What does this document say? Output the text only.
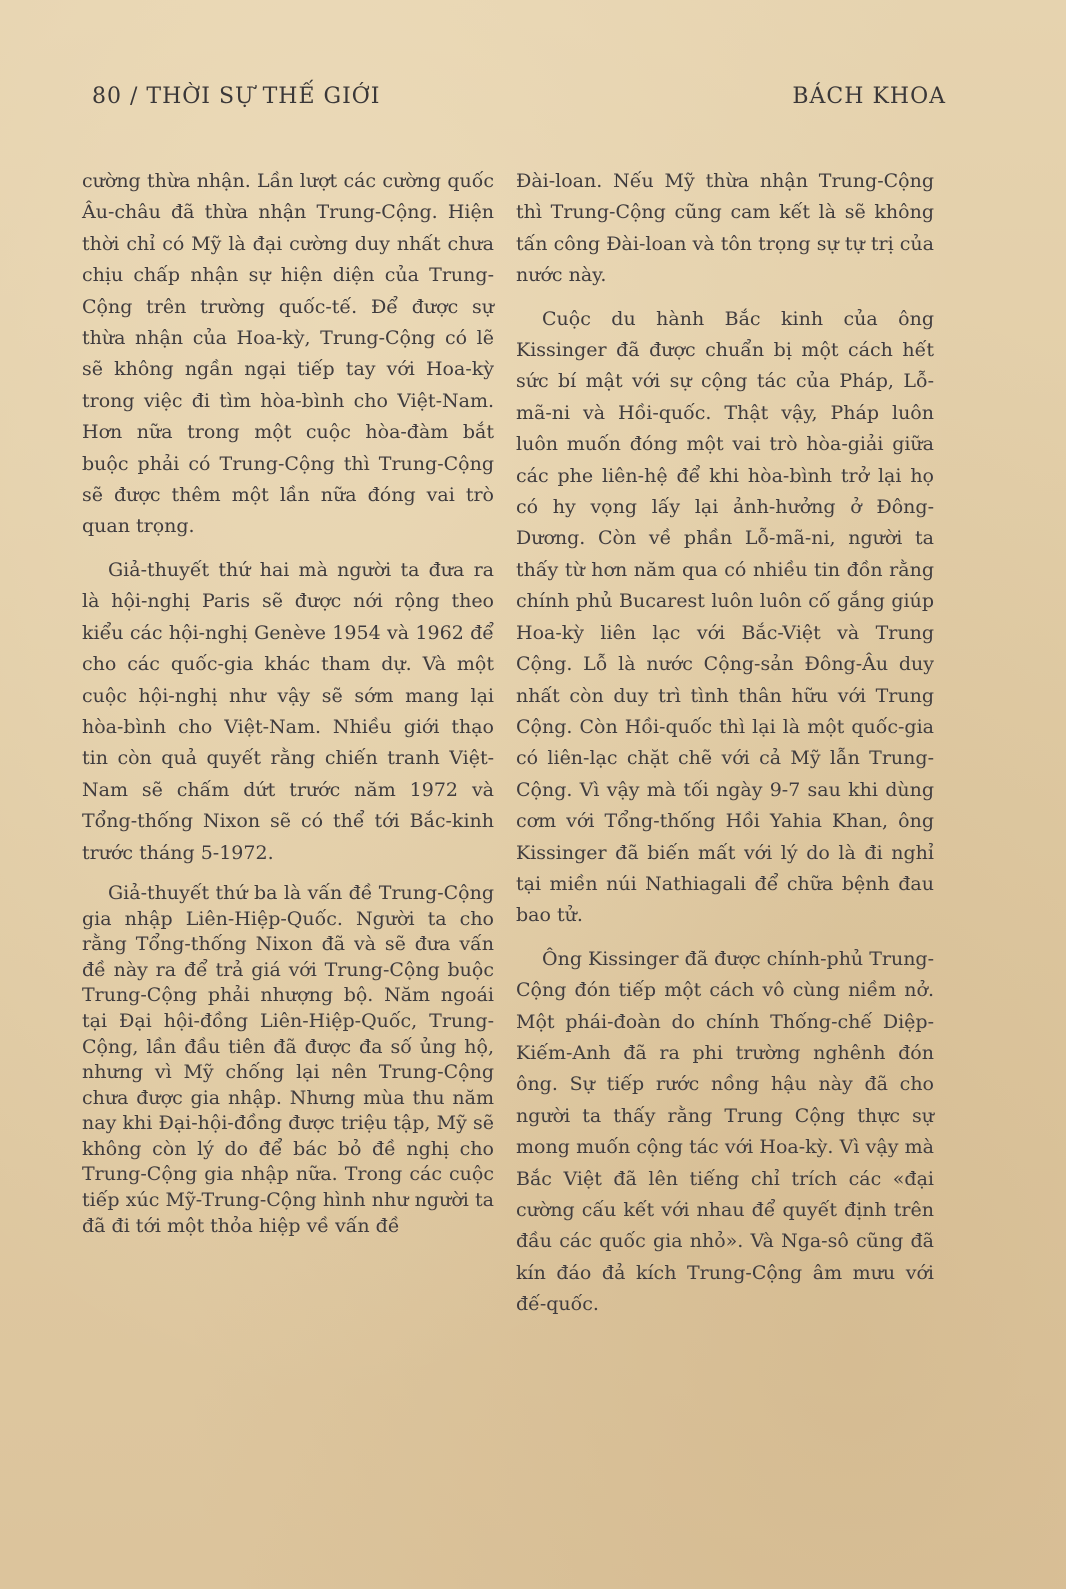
80 / THỜI SỰ THẾ GIỚI	BÁCH KHOA

cường thừa nhận. Lần lượt các cường quốc Âu-châu đã thừa nhận Trung-Cộng. Hiện thời chỉ có Mỹ là đại cường duy nhất chưa chịu chấp nhận sự hiện diện của Trung-Cộng trên trường quốc-tế. Để được sự thừa nhận của Hoa-kỳ, Trung-Cộng có lẽ sẽ không ngần ngại tiếp tay với Hoa-kỳ trong việc đi tìm hòa-bình cho Việt-Nam. Hơn nữa trong một cuộc hòa-đàm bắt buộc phải có Trung-Cộng thì Trung-Cộng sẽ được thêm một lần nữa đóng vai trò quan trọng.

Giả-thuyết thứ hai mà người ta đưa ra là hội-nghị Paris sẽ được nới rộng theo kiểu các hội-nghị Genève 1954 và 1962 để cho các quốc-gia khác tham dự. Và một cuộc hội-nghị như vậy sẽ sớm mang lại hòa-bình cho Việt-Nam. Nhiều giới thạo tin còn quả quyết rằng chiến tranh Việt-Nam sẽ chấm dứt trước năm 1972 và Tổng-thống Nixon sẽ có thể tới Bắc-kinh trước tháng 5-1972.

Giả-thuyết thứ ba là vấn đề Trung-Cộng gia nhập Liên-Hiệp-Quốc. Người ta cho rằng Tổng-thống Nixon đã và sẽ đưa vấn đề này ra để trả giá với Trung-Cộng buộc Trung-Cộng phải nhượng bộ. Năm ngoái tại Đại hội-đồng Liên-Hiệp-Quốc, Trung-Cộng, lần đầu tiên đã được đa số ủng hộ, nhưng vì Mỹ chống lại nên Trung-Cộng chưa được gia nhập. Nhưng mùa thu năm nay khi Đại-hội-đồng được triệu tập, Mỹ sẽ không còn lý do để bác bỏ đề nghị cho Trung-Cộng gia nhập nữa. Trong các cuộc tiếp xúc Mỹ-Trung-Cộng hình như người ta đã đi tới một thỏa hiệp về vấn đề

Đài-loan. Nếu Mỹ thừa nhận Trung-Cộng thì Trung-Cộng cũng cam kết là sẽ không tấn công Đài-loan và tôn trọng sự tự trị của nước này.

Cuộc du hành Bắc kinh của ông Kissinger đã được chuẩn bị một cách hết sức bí mật với sự cộng tác của Pháp, Lỗ-mã-ni và Hồi-quốc. Thật vậy, Pháp luôn luôn muốn đóng một vai trò hòa-giải giữa các phe liên-hệ để khi hòa-bình trở lại họ có hy vọng lấy lại ảnh-hưởng ở Đông-Dương. Còn về phần Lỗ-mã-ni, người ta thấy từ hơn năm qua có nhiều tin đồn rằng chính phủ Bucarest luôn luôn cố gắng giúp Hoa-kỳ liên lạc với Bắc-Việt và Trung Cộng. Lỗ là nước Cộng-sản Đông-Âu duy nhất còn duy trì tình thân hữu với Trung Cộng. Còn Hồi-quốc thì lại là một quốc-gia có liên-lạc chặt chẽ với cả Mỹ lẫn Trung-Cộng. Vì vậy mà tối ngày 9-7 sau khi dùng cơm với Tổng-thống Hồi Yahia Khan, ông Kissinger đã biến mất với lý do là đi nghỉ tại miền núi Nathiagali để chữa bệnh đau bao tử.

Ông Kissinger đã được chính-phủ Trung-Cộng đón tiếp một cách vô cùng niềm nở. Một phái-đoàn do chính Thống-chế Diệp-Kiếm-Anh đã ra phi trường nghênh đón ông. Sự tiếp rước nồng hậu này đã cho người ta thấy rằng Trung Cộng thực sự mong muốn cộng tác với Hoa-kỳ. Vì vậy mà Bắc Việt đã lên tiếng chỉ trích các «đại cường cấu kết với nhau để quyết định trên đầu các quốc gia nhỏ». Và Nga-sô cũng đã kín đáo đả kích Trung-Cộng âm mưu với đế-quốc.
